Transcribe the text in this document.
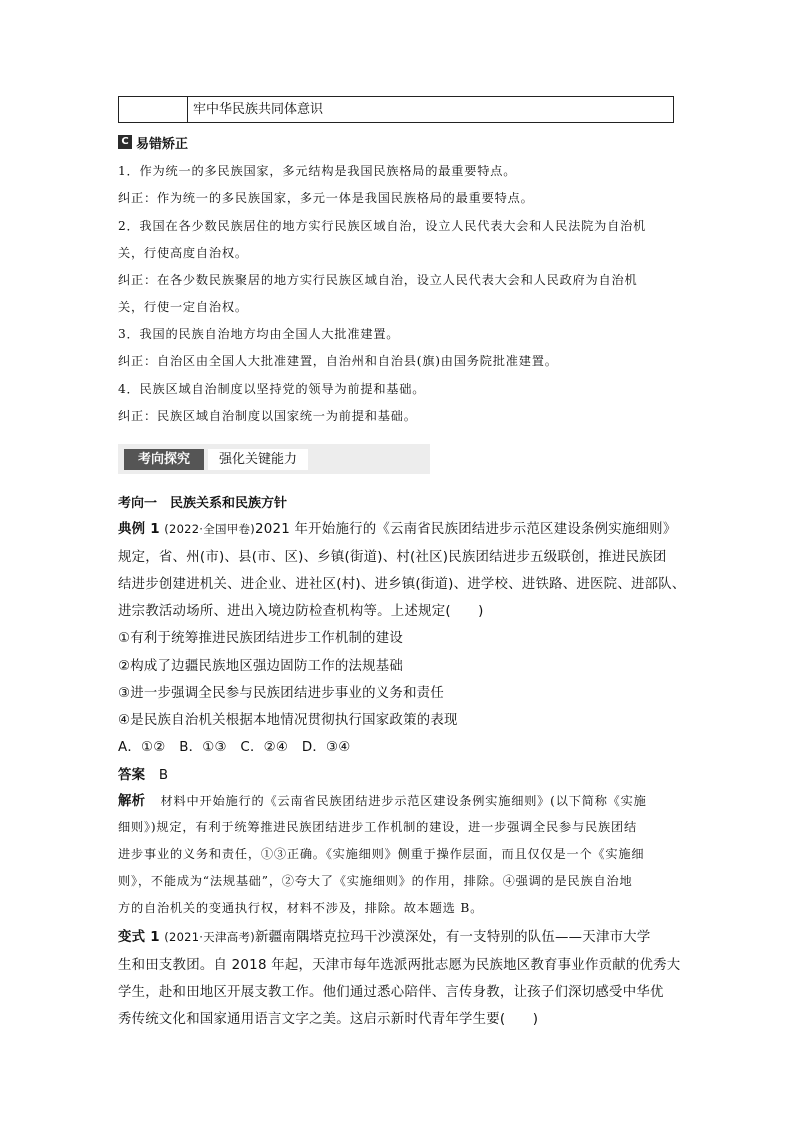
牢中华民族共同体意识
C 易错矫正
1．作为统一的多民族国家，多元结构是我国民族格局的最重要特点。
纠正：作为统一的多民族国家，多元一体是我国民族格局的最重要特点。
2．我国在各少数民族居住的地方实行民族区域自治，设立人民代表大会和人民法院为自治机
关，行使高度自治权。
纠正：在各少数民族聚居的地方实行民族区域自治，设立人民代表大会和人民政府为自治机
关，行使一定自治权。
3．我国的民族自治地方均由全国人大批准建置。
纠正：自治区由全国人大批准建置，自治州和自治县(旗)由国务院批准建置。
4．民族区域自治制度以坚持党的领导为前提和基础。
纠正：民族区域自治制度以国家统一为前提和基础。
考向探究	强化关键能力
考向一　民族关系和民族方针
典例 1 (2022·全国甲卷)2021 年开始施行的《云南省民族团结进步示范区建设条例实施细则》
规定，省、州(市)、县(市、区)、乡镇(街道)、村(社区)民族团结进步五级联创，推进民族团
结进步创建进机关、进企业、进社区(村)、进乡镇(街道)、进学校、进铁路、进医院、进部队、
进宗教活动场所、进出入境边防检查机构等。上述规定(　　)
①有利于统筹推进民族团结进步工作机制的建设
②构成了边疆民族地区强边固防工作的法规基础
③进一步强调全民参与民族团结进步事业的义务和责任
④是民族自治机关根据本地情况贯彻执行国家政策的表现
A．①②　B．①③　C．②④　D．③④
答案 B
解析 材料中开始施行的《云南省民族团结进步示范区建设条例实施细则》(以下简称《实施
细则》)规定，有利于统筹推进民族团结进步工作机制的建设，进一步强调全民参与民族团结
进步事业的义务和责任，①③正确。《实施细则》侧重于操作层面，而且仅仅是一个《实施细
则》，不能成为“法规基础”，②夸大了《实施细则》的作用，排除。④强调的是民族自治地
方的自治机关的变通执行权，材料不涉及，排除。故本题选 B。
变式 1 (2021·天津高考)新疆南隅塔克拉玛干沙漠深处，有一支特别的队伍——天津市大学
生和田支教团。自 2018 年起，天津市每年选派两批志愿为民族地区教育事业作贡献的优秀大
学生，赴和田地区开展支教工作。他们通过悉心陪伴、言传身教，让孩子们深切感受中华优
秀传统文化和国家通用语言文字之美。这启示新时代青年学生要(　　)
